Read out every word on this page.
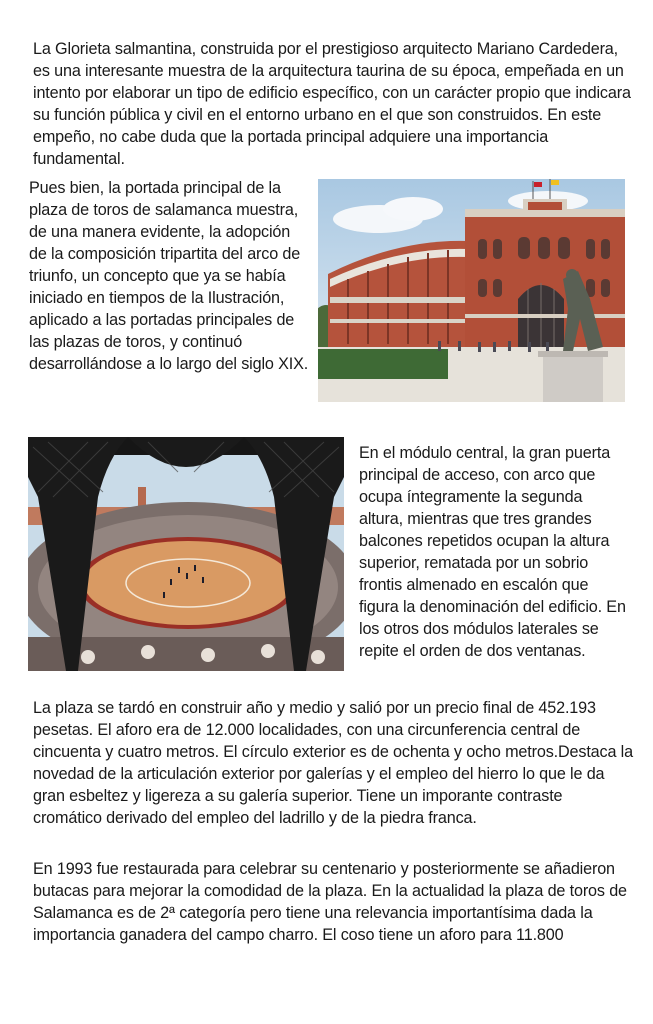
La Glorieta salmantina, construida por el prestigioso arquitecto Mariano Cardedera, es una interesante muestra de la arquitectura taurina de su época, empeñada en un intento por elaborar un tipo de edificio específico, con un carácter propio que indicara su función pública y civil en el entorno urbano en el que son construidos. En este empeño, no cabe duda que la portada principal adquiere una importancia fundamental.

Pues bien, la portada principal de la plaza de toros de salamanca muestra, de una manera evidente, la adopción de la composición tripartita del arco de triunfo, un concepto que ya se había iniciado en tiempos de la Ilustración, aplicado a las portadas principales de las plazas de toros, y continuó desarrollándose a lo largo del siglo XIX.

En el módulo central, la gran puerta principal de acceso, con arco que ocupa íntegramente la segunda altura, mientras que tres grandes balcones repetidos ocupan la altura superior, rematada por un sobrio frontis almenado en escalón que figura la denominación del edificio. En los otros dos módulos laterales se repite el orden de dos ventanas.

La plaza se tardó en construir año y medio y salió por un precio final de 452.193 pesetas. El aforo era de 12.000 localidades, con una circunferencia central de cincuenta y cuatro metros. El círculo exterior es de ochenta y ocho metros.Destaca la novedad de la articulación exterior por galerías y el empleo del hierro lo que le da gran esbeltez y ligereza a su galería superior. Tiene un imporante contraste cromático derivado del empleo del ladrillo y de la piedra franca.

En 1993 fue restaurada para celebrar su centenario y posteriormente se añadieron butacas para mejorar la comodidad de la plaza. En la actualidad la plaza de toros de Salamanca es de 2ª categoría pero tiene una relevancia importantísima dada la importancia ganadera del campo charro. El coso tiene un aforo para 11.800
